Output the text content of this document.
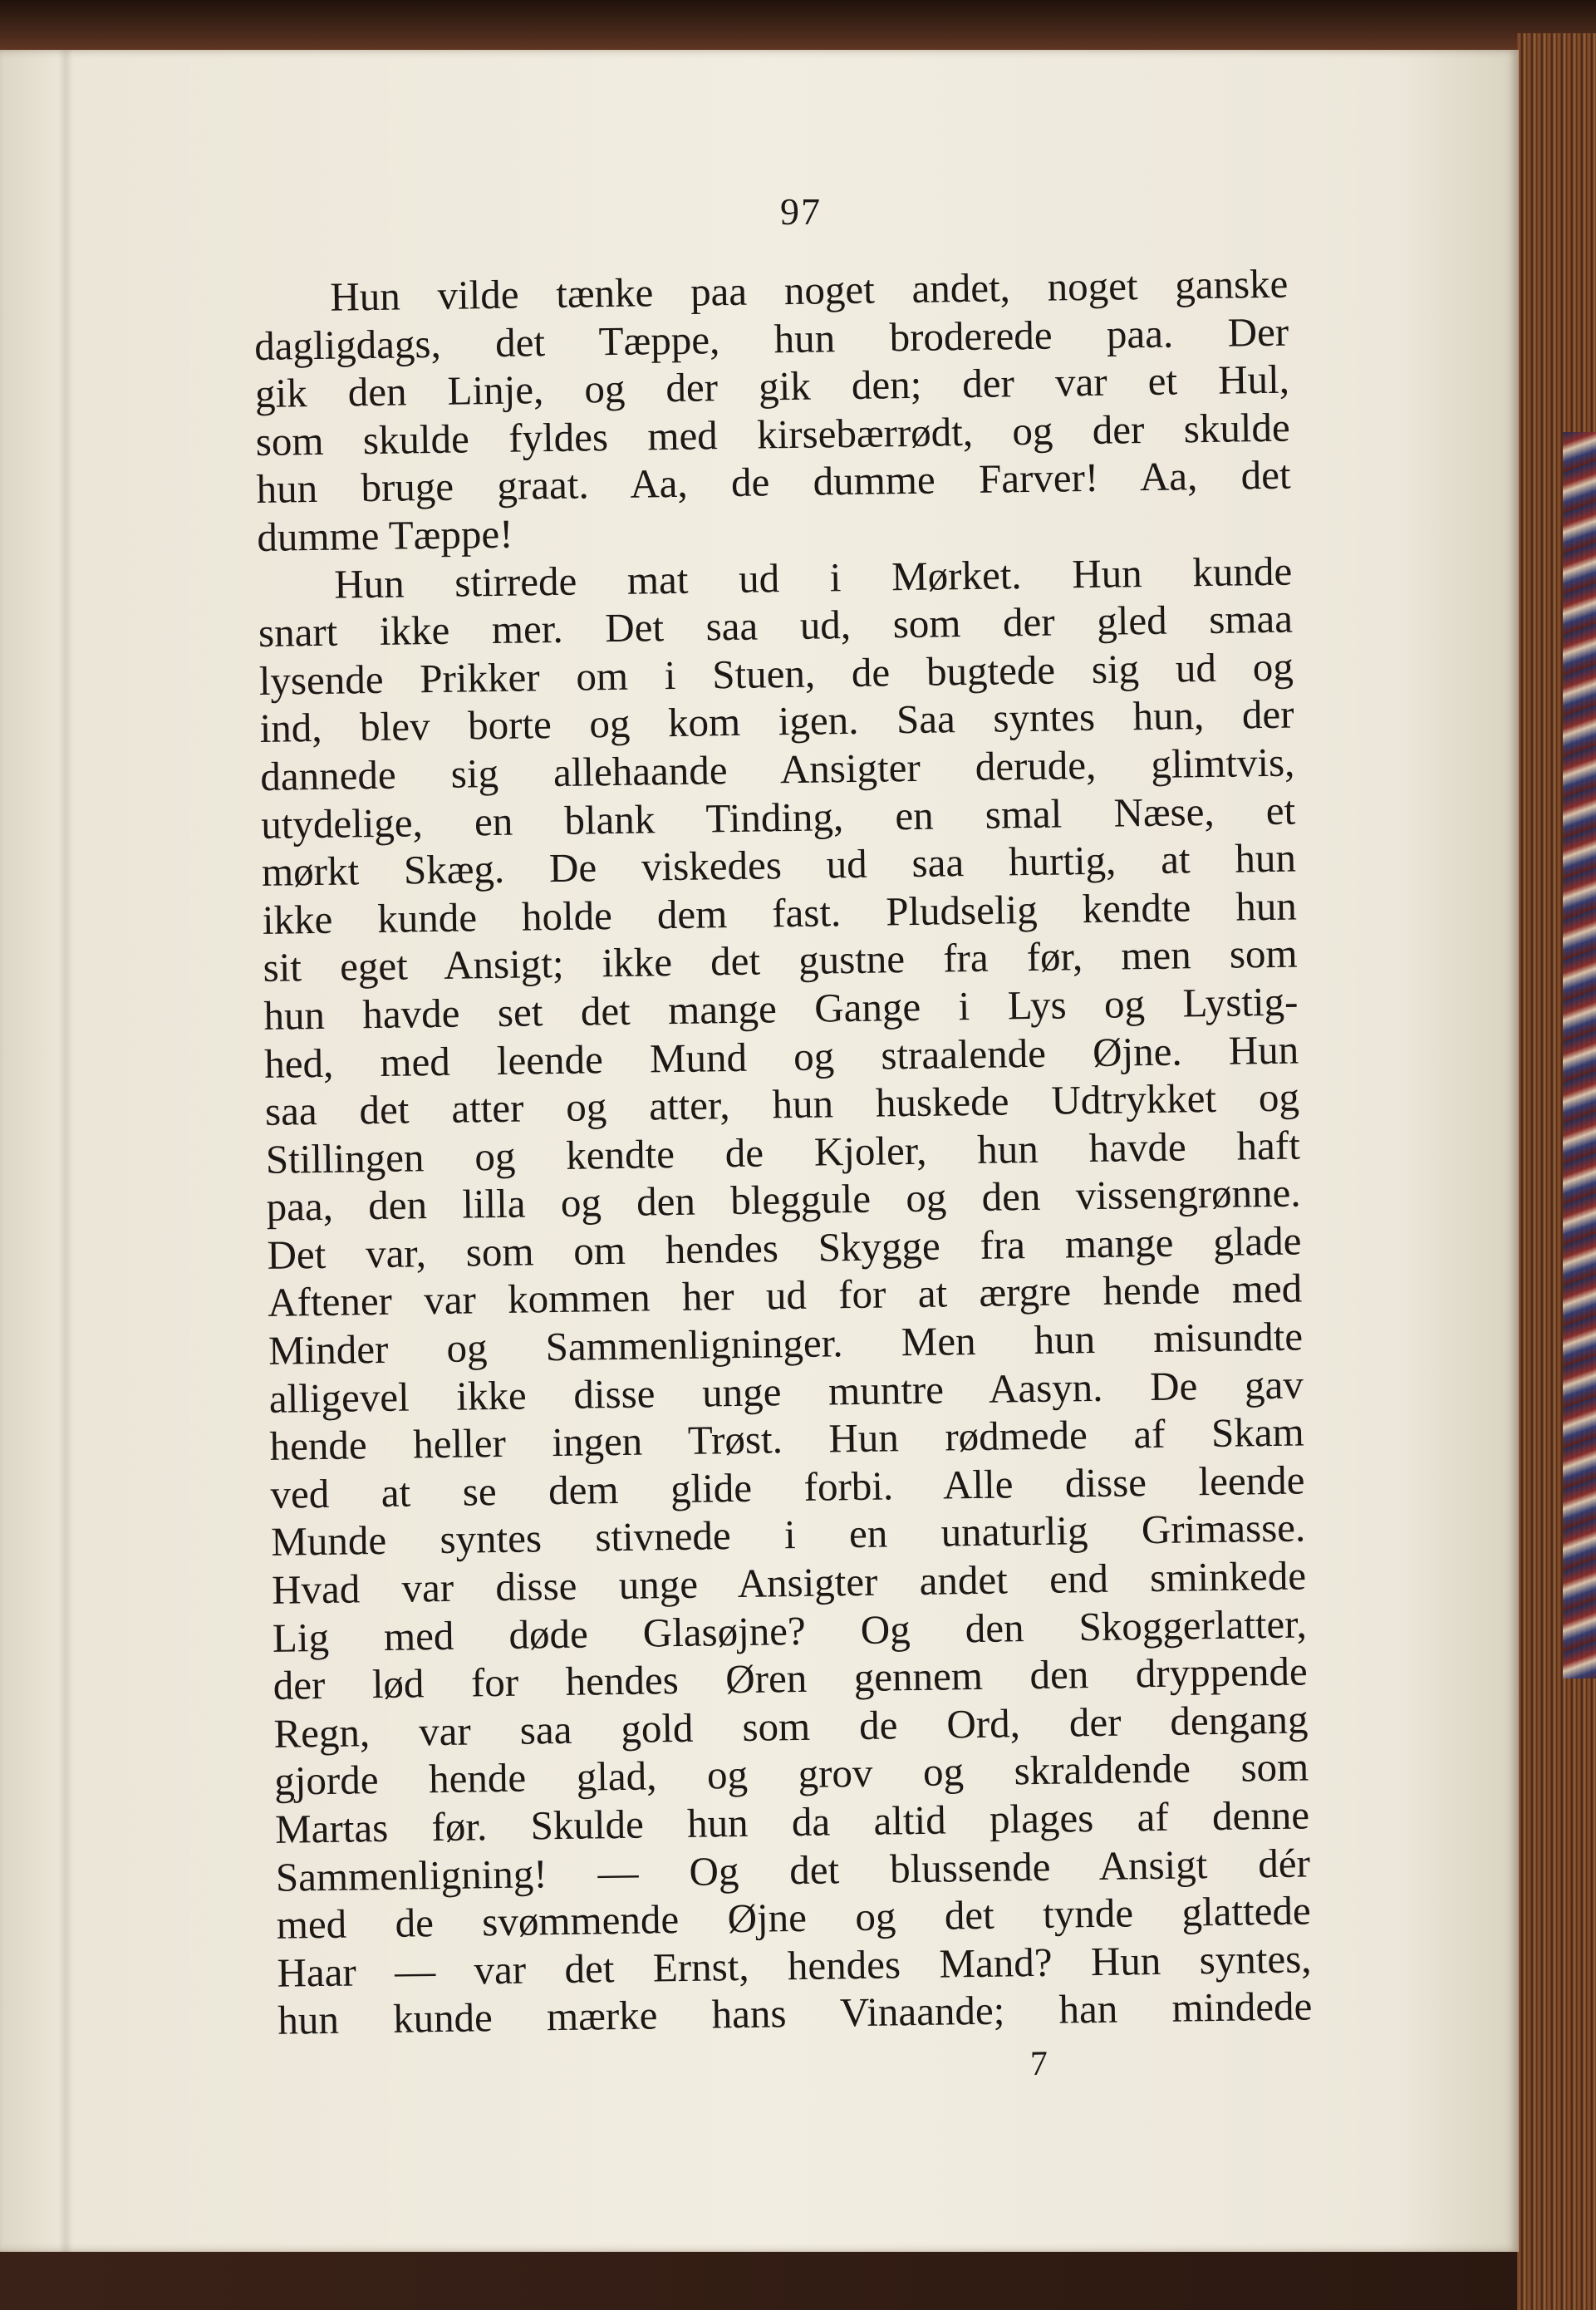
97
Hun vilde tænke paa noget andet, noget ganske
dagligdags, det Tæppe, hun broderede paa. Der
gik den Linje, og der gik den; der var et Hul,
som skulde fyldes med kirsebærrødt, og der skulde
hun bruge graat. Aa, de dumme Farver! Aa, det
dumme Tæppe!
Hun stirrede mat ud i Mørket. Hun kunde
snart ikke mer. Det saa ud, som der gled smaa
lysende Prikker om i Stuen, de bugtede sig ud og
ind, blev borte og kom igen. Saa syntes hun, der
dannede sig allehaande Ansigter derude, glimtvis,
utydelige, en blank Tinding, en smal Næse, et
mørkt Skæg. De viskedes ud saa hurtig, at hun
ikke kunde holde dem fast. Pludselig kendte hun
sit eget Ansigt; ikke det gustne fra før, men som
hun havde set det mange Gange i Lys og Lystig-
hed, med leende Mund og straalende Øjne. Hun
saa det atter og atter, hun huskede Udtrykket og
Stillingen og kendte de Kjoler, hun havde haft
paa, den lilla og den bleggule og den vissengrønne.
Det var, som om hendes Skygge fra mange glade
Aftener var kommen her ud for at ærgre hende med
Minder og Sammenligninger. Men hun misundte
alligevel ikke disse unge muntre Aasyn. De gav
hende heller ingen Trøst. Hun rødmede af Skam
ved at se dem glide forbi. Alle disse leende
Munde syntes stivnede i en unaturlig Grimasse.
Hvad var disse unge Ansigter andet end sminkede
Lig med døde Glasøjne? Og den Skoggerlatter,
der lød for hendes Øren gennem den dryppende
Regn, var saa gold som de Ord, der dengang
gjorde hende glad, og grov og skraldende som
Martas før. Skulde hun da altid plages af denne
Sammenligning! — Og det blussende Ansigt dér
med de svømmende Øjne og det tynde glattede
Haar — var det Ernst, hendes Mand? Hun syntes,
hun kunde mærke hans Vinaande; han mindede
7
